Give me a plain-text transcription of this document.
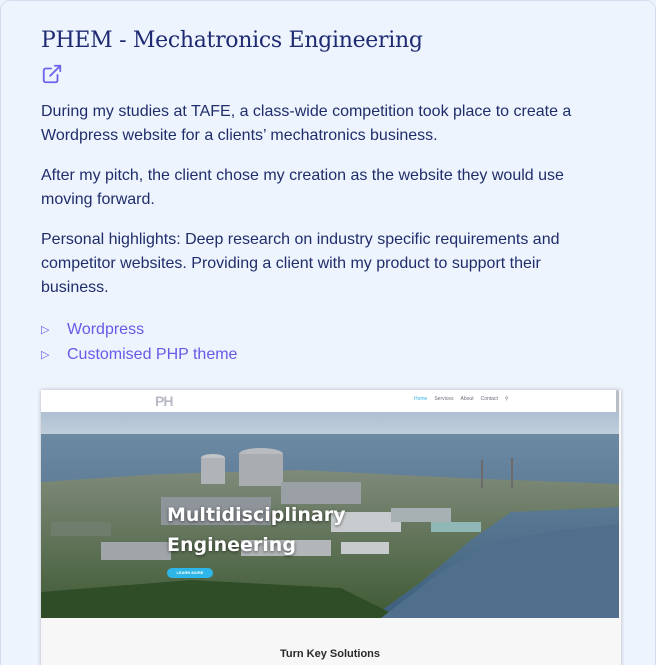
PHEM - Mechatronics Engineering

During my studies at TAFE, a class-wide competition took place to create a Wordpress website for a clients’ mechatronics business.

After my pitch, the client chose my creation as the website they would use moving forward.

Personal highlights: Deep research on industry specific requirements and competitor websites. Providing a client with my product to support their business.

▷	Wordpress
▷	Customised PHP theme
PH	Home Services About Contact ⚲
Multidisciplinary
Engineering
LEARN MORE

Turn Key Solutions
